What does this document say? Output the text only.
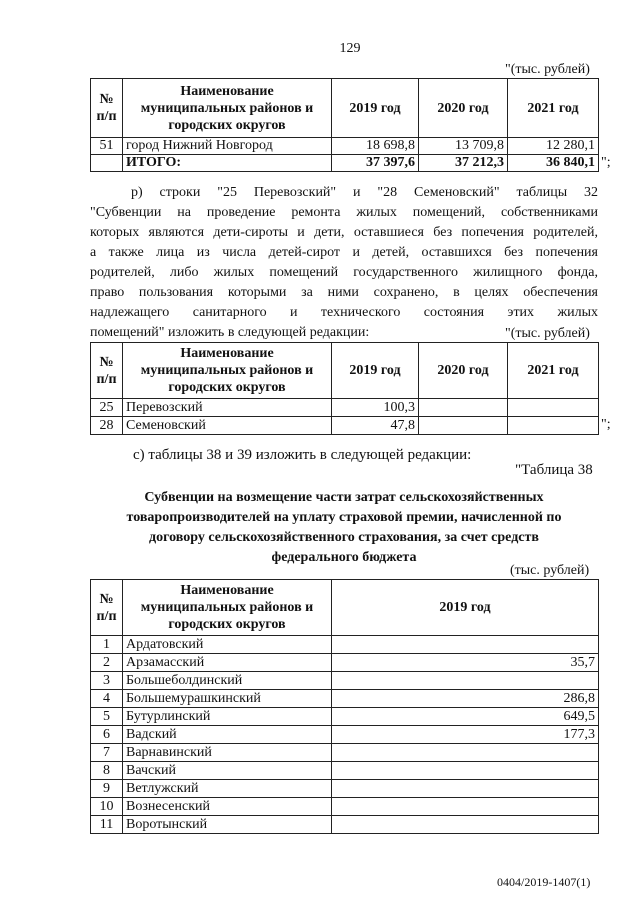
129
"(тыс. рублей)
№ п/п	Наименование муниципальных районов и городских округов	2019 год	2020 год	2021 год
51	город Нижний Новгород	18 698,8	13 709,8	12 280,1
	ИТОГО:	37 397,6	37 212,3	36 840,1 ";
р) строки "25 Перевозский" и "28 Семеновский" таблицы 32
"Субвенции на проведение ремонта жилых помещений, собственниками
которых являются дети-сироты и дети, оставшиеся без попечения родителей,
а также лица из числа детей-сирот и детей, оставшихся без попечения
родителей, либо жилых помещений государственного жилищного фонда,
право пользования которыми за ними сохранено, в целях обеспечения
надлежащего санитарного и технического состояния этих жилых
помещений" изложить в следующей редакции:	"(тыс. рублей)
№ п/п	Наименование муниципальных районов и городских округов	2019 год	2020 год	2021 год
25	Перевозский	100,3		
28	Семеновский	47,8			";
с) таблицы 38 и 39 изложить в следующей редакции:
"Таблица 38
Субвенции на возмещение части затрат сельскохозяйственных
товаропроизводителей на уплату страховой премии, начисленной по
договору сельскохозяйственного страхования, за счет средств
федерального бюджета
(тыс. рублей)
№ п/п	Наименование муниципальных районов и городских округов	2019 год
1	Ардатовский	
2	Арзамасский	35,7
3	Большеболдинский	
4	Большемурашкинский	286,8
5	Бутурлинский	649,5
6	Вадский	177,3
7	Варнавинский	
8	Вачский	
9	Ветлужский	
10	Вознесенский	
11	Воротынский	
0404/2019-1407(1)
